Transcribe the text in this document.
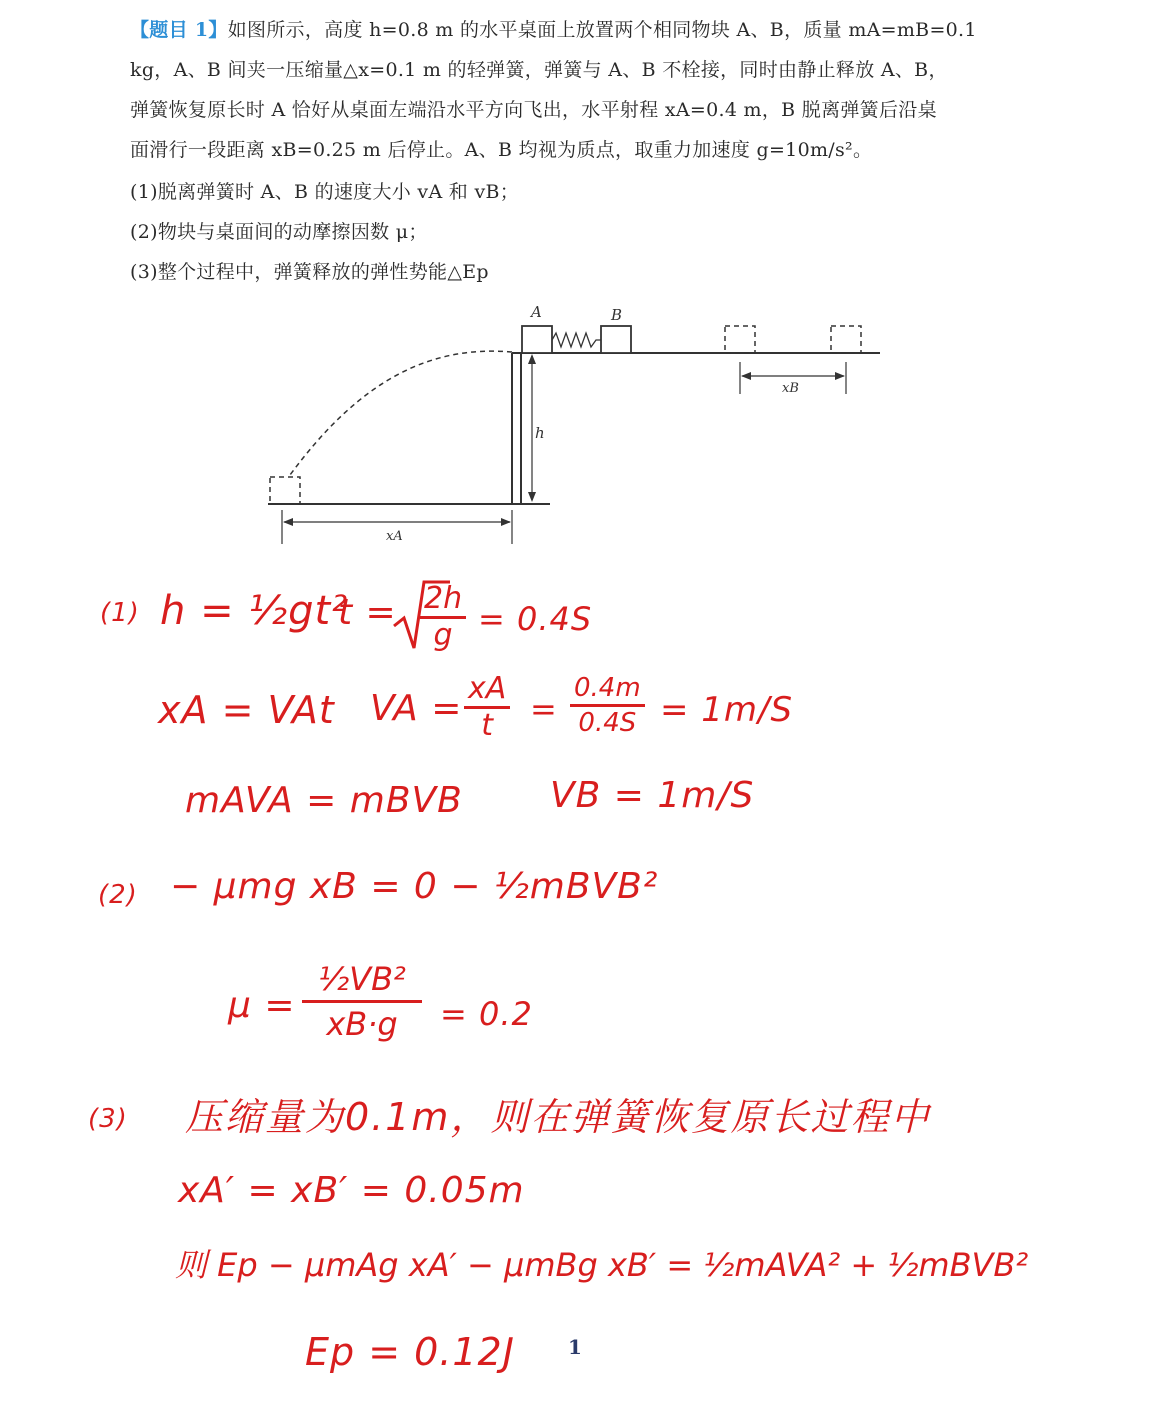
【题目 1】如图所示，高度 h=0.8 m 的水平桌面上放置两个相同物块 A、B，质量 mA=mB=0.1
kg，A、B 间夹一压缩量△x=0.1 m 的轻弹簧，弹簧与 A、B 不栓接，同时由静止释放 A、B，
弹簧恢复原长时 A 恰好从桌面左端沿水平方向飞出，水平射程 xA=0.4 m，B 脱离弹簧后沿桌
面滑行一段距离 xB=0.25 m 后停止。A、B 均视为质点，取重力加速度 g=10m/s²。
(1)脱离弹簧时 A、B 的速度大小 vA 和 vB；
(2)物块与桌面间的动摩擦因数 μ；
(3)整个过程中，弹簧释放的弹性势能△Ep
h
A	B
xB
xA
(1) h = ½gt²
$t = \frac{2h}{g} = 0.4S$
xA = VAt VA = $\frac{xA}{t} = \frac{0.4m}{0.4S} = 1m/S$
mAVA = mBVB VB = 1m/S
(2) − μmg xB = 0 − ½mBVB²
$\mu = \frac{\text{½VB²}}{xB\cdot g} = 0.2$
(3) 压缩量为0.1m，则在弹簧恢复原长过程中
xA′ = xB′ = 0.05m
则 Ep − μmAg xA′ − μmBg xB′ = ½mAVA² + ½mBVB²
Ep = 0.12J	1
